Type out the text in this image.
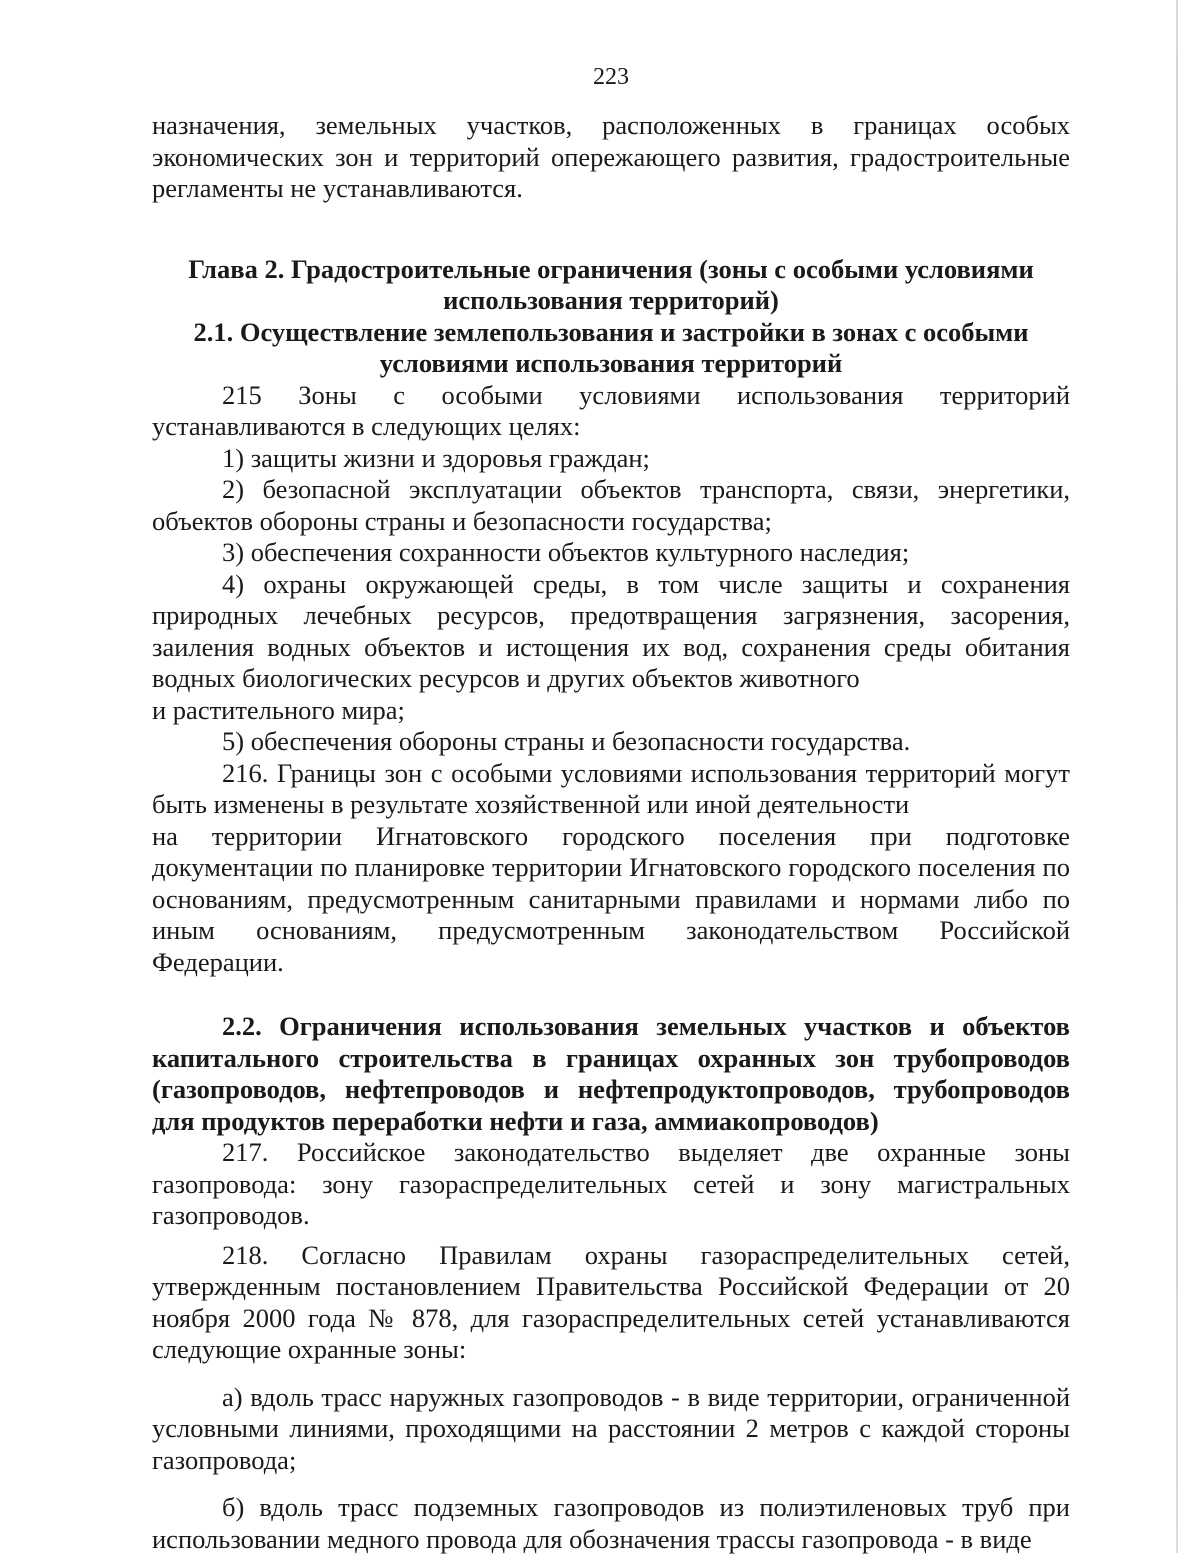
223

назначения, земельных участков, расположенных в границах особых экономических зон и территорий опережающего развития, градостроительные регламенты не устанавливаются.

Глава 2. Градостроительные ограничения (зоны с особыми условиями использования территорий)
2.1. Осуществление землепользования и застройки в зонах с особыми условиями использования территорий

215 Зоны с особыми условиями использования территорий устанавливаются в следующих целях:

1) защиты жизни и здоровья граждан;

2) безопасной эксплуатации объектов транспорта, связи, энергетики, объектов обороны страны и безопасности государства;

3) обеспечения сохранности объектов культурного наследия;

4) охраны окружающей среды, в том числе защиты и сохранения природных лечебных ресурсов, предотвращения загрязнения, засорения, заиления водных объектов и истощения их вод, сохранения среды обитания водных биологических ресурсов и других объектов животного

и растительного мира;

5) обеспечения обороны страны и безопасности государства.

216. Границы зон с особыми условиями использования территорий могут быть изменены в результате хозяйственной или иной деятельности

на территории Игнатовского городского поселения при подготовке документации по планировке территории Игнатовского городского поселения по основаниям, предусмотренным санитарными правилами и нормами либо по иным основаниям, предусмотренным законодательством Российской Федерации.

2.2. Ограничения использования земельных участков и объектов капитального строительства в границах охранных зон трубопроводов (газопроводов, нефтепроводов и нефтепродуктопроводов, трубопроводов для продуктов переработки нефти и газа, аммиакопроводов)

217. Российское законодательство выделяет две охранные зоны газопровода: зону газораспределительных сетей и зону магистральных газопроводов.

218. Согласно Правилам охраны газораспределительных сетей, утвержденным постановлением Правительства Российской Федерации от 20 ноября 2000 года № 878, для газораспределительных сетей устанавливаются следующие охранные зоны:

а) вдоль трасс наружных газопроводов - в виде территории, ограниченной условными линиями, проходящими на расстоянии 2 метров с каждой стороны газопровода;

б) вдоль трасс подземных газопроводов из полиэтиленовых труб при использовании медного провода для обозначения трассы газопровода - в виде
